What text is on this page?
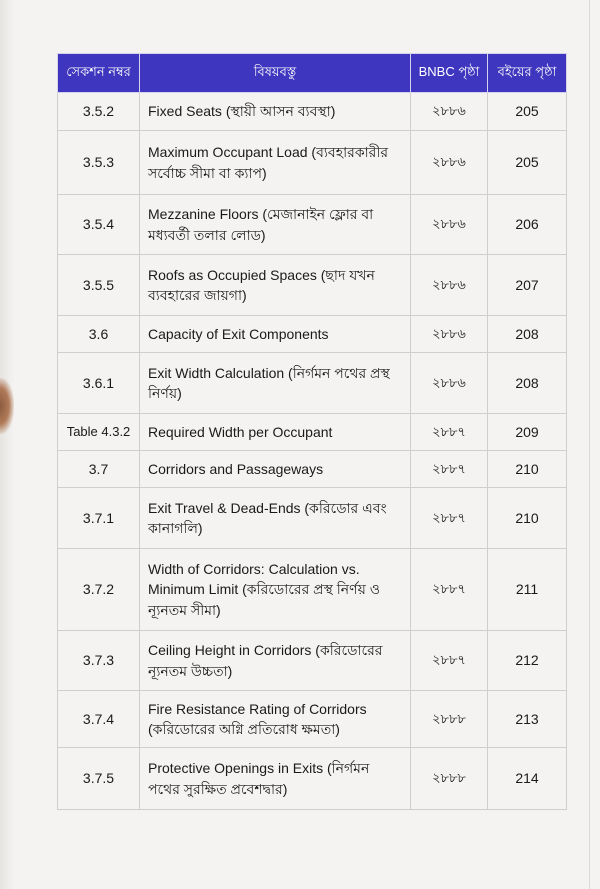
সেকশন নম্বর	বিষয়বস্তু	BNBC পৃষ্ঠা	বইয়ের পৃষ্ঠা
3.5.2	Fixed Seats (স্থায়ী আসন ব্যবস্থা)	২৮৮৬	205
3.5.3	Maximum Occupant Load (ব্যবহারকারীর সর্বোচ্চ সীমা বা ক্যাপ)	২৮৮৬	205
3.5.4	Mezzanine Floors (মেজানাইন ফ্লোর বা মধ্যবর্তী তলার লোড)	২৮৮৬	206
3.5.5	Roofs as Occupied Spaces (ছাদ যখন ব্যবহারের জায়গা)	২৮৮৬	207
3.6	Capacity of Exit Components	২৮৮৬	208
3.6.1	Exit Width Calculation (নির্গমন পথের প্রস্থ নির্ণয়)	২৮৮৬	208
Table 4.3.2	Required Width per Occupant	২৮৮৭	209
3.7	Corridors and Passageways	২৮৮৭	210
3.7.1	Exit Travel & Dead-Ends (করিডোর এবং কানাগলি)	২৮৮৭	210
3.7.2	Width of Corridors: Calculation vs. Minimum Limit (করিডোরের প্রস্থ নির্ণয় ও ন্যূনতম সীমা)	২৮৮৭	211
3.7.3	Ceiling Height in Corridors (করিডোরের ন্যূনতম উচ্চতা)	২৮৮৭	212
3.7.4	Fire Resistance Rating of Corridors (করিডোরের অগ্নি প্রতিরোধ ক্ষমতা)	২৮৮৮	213
3.7.5	Protective Openings in Exits (নির্গমন পথের সুরক্ষিত প্রবেশদ্বার)	২৮৮৮	214
